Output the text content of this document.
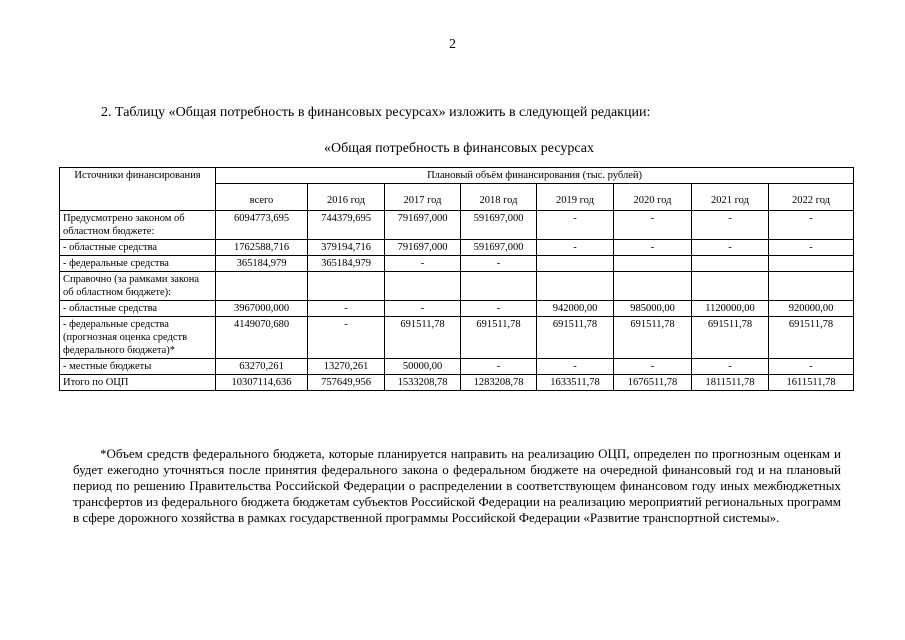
2
2. Таблицу «Общая потребность в финансовых ресурсах» изложить в следующей редакции:
«Общая потребность в финансовых ресурсах
Источники финансирования	Плановый объём финансирования (тыс. рублей)							
	всего	2016 год	2017 год	2018 год	2019 год	2020 год	2021 год	2022 год
Предусмотрено законом об областном бюджете:	6094773,695	744379,695	791697,000	591697,000	-	-	-	-
- областные средства	1762588,716	379194,716	791697,000	591697,000	-	-	-	-
- федеральные средства	365184,979	365184,979	-	-				
Справочно (за рамками закона об областном бюджете):								
- областные средства	3967000,000	-	-	-	942000,00	985000,00	1120000,00	920000,00
- федеральные средства (прогнозная оценка средств федерального бюджета)*	4149070,680	-	691511,78	691511,78	691511,78	691511,78	691511,78	691511,78
- местные бюджеты	63270,261	13270,261	50000,00	-	-	-	-	-
Итого по ОЦП	10307114,636	757649,956	1533208,78	1283208,78	1633511,78	1676511,78	1811511,78	1611511,78
*Объем средств федерального бюджета, которые планируется направить на реализацию ОЦП, определен по прогнозным оценкам и будет ежегодно уточняться после принятия федерального закона о федеральном бюджете на очередной финансовый год и на плановый период по решению Правительства Российской Федерации о распределении в соответствующем финансовом году иных межбюджетных трансфертов из федерального бюджета бюджетам субъектов Российской Федерации на реализацию мероприятий региональных программ в сфере дорожного хозяйства в рамках государственной программы Российской Федерации «Развитие транспортной системы».
